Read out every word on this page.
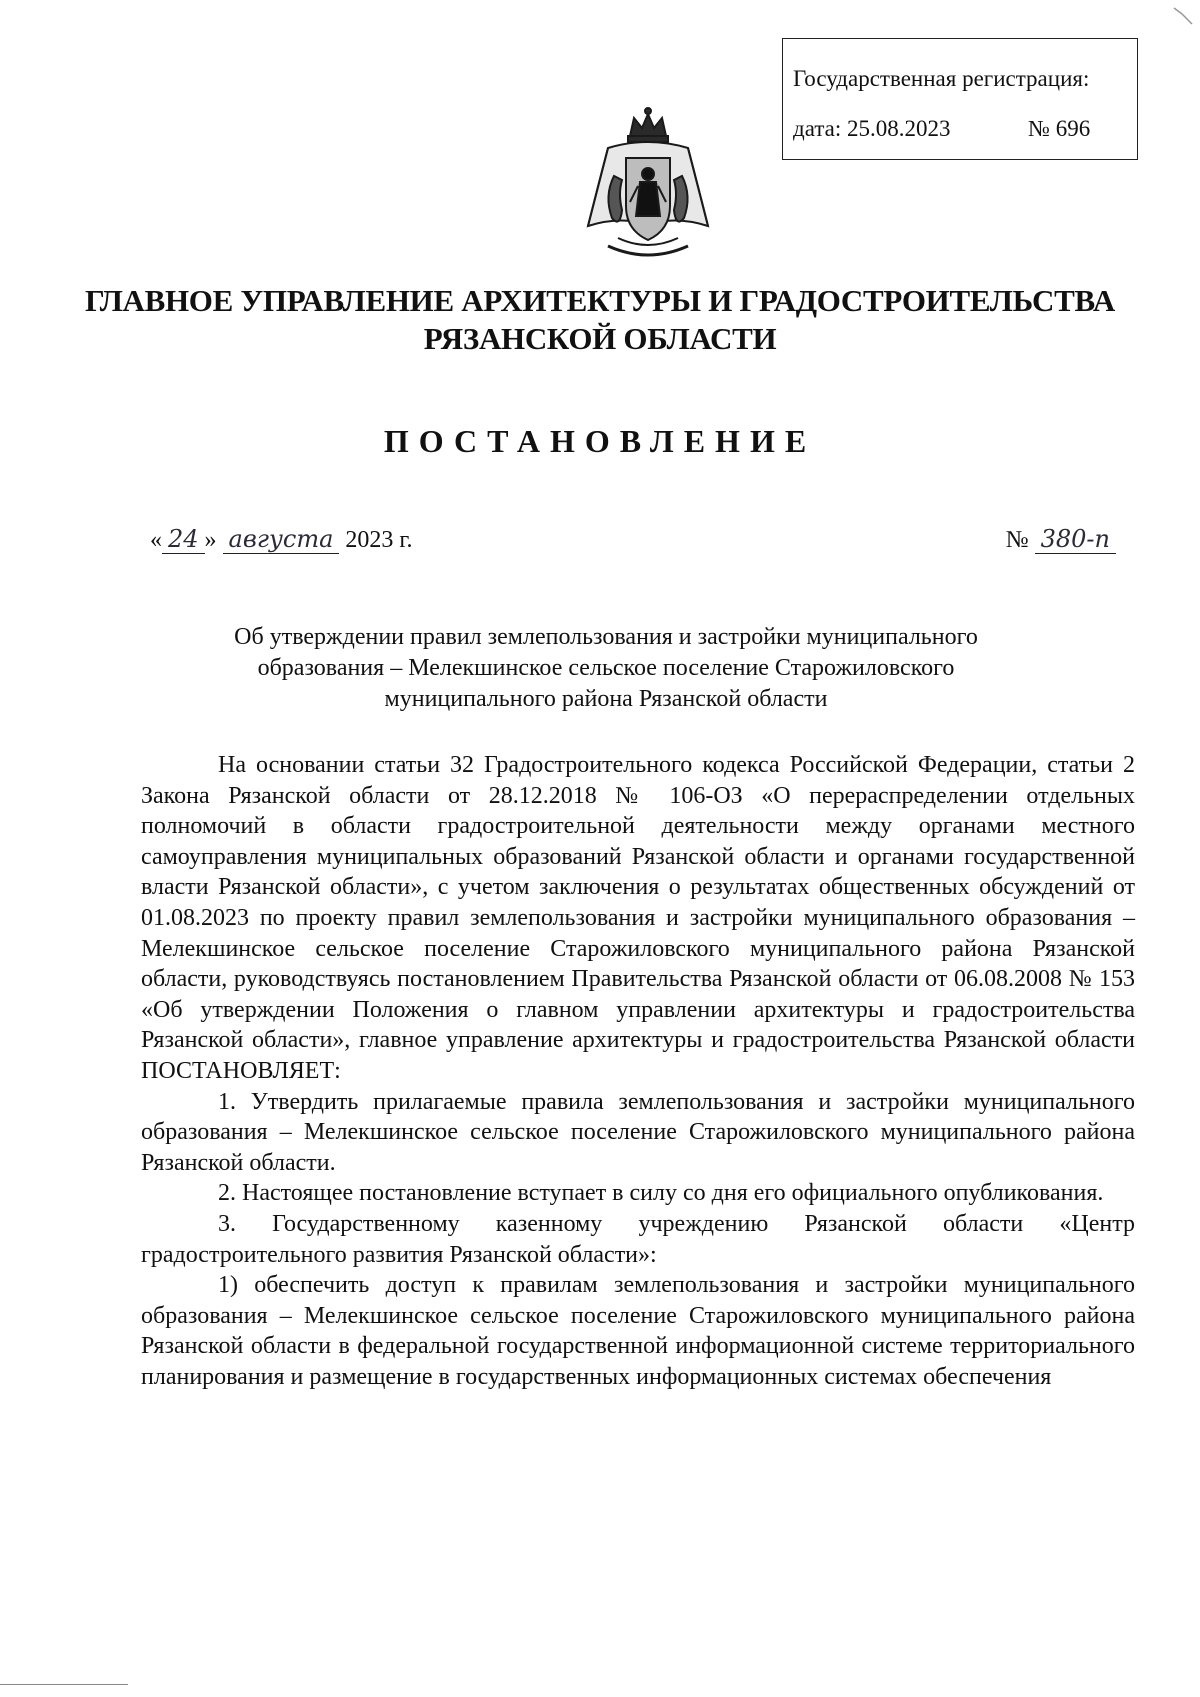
Государственная регистрация:
дата: 25.08.2023	№ 696
ГЛАВНОЕ УПРАВЛЕНИЕ АРХИТЕКТУРЫ И ГРАДОСТРОИТЕЛЬСТВА
РЯЗАНСКОЙ ОБЛАСТИ
ПОСТАНОВЛЕНИЕ
« 24 » августа 2023 г.	№ 380-п
Об утверждении правил землепользования и застройки муниципального
образования – Мелекшинское сельское поселение Старожиловского
муниципального района Рязанской области

На основании статьи 32 Градостроительного кодекса Российской Федерации, статьи 2 Закона Рязанской области от 28.12.2018 № 106-ОЗ «О перераспределении отдельных полномочий в области градостроительной деятельности между органами местного самоуправления муниципальных образований Рязанской области и органами государственной власти Рязанской области», с учетом заключения о результатах общественных обсуждений от 01.08.2023 по проекту правил землепользования и застройки муниципального образования – Мелекшинское сельское поселение Старожиловского муниципального района Рязанской области, руководствуясь постановлением Правительства Рязанской области от 06.08.2008 № 153 «Об утверждении Положения о главном управлении архитектуры и градостроительства Рязанской области», главное управление архитектуры и градостроительства Рязанской области ПОСТАНОВЛЯЕТ:

1. Утвердить прилагаемые правила землепользования и застройки муниципального образования – Мелекшинское сельское поселение Старожиловского муниципального района Рязанской области.

2. Настоящее постановление вступает в силу со дня его официального опубликования.

3. Государственному казенному учреждению Рязанской области «Центр градостроительного развития Рязанской области»:

1) обеспечить доступ к правилам землепользования и застройки муниципального образования – Мелекшинское сельское поселение Старожиловского муниципального района Рязанской области в федеральной государственной информационной системе территориального планирования и размещение в государственных информационных системах обеспечения
